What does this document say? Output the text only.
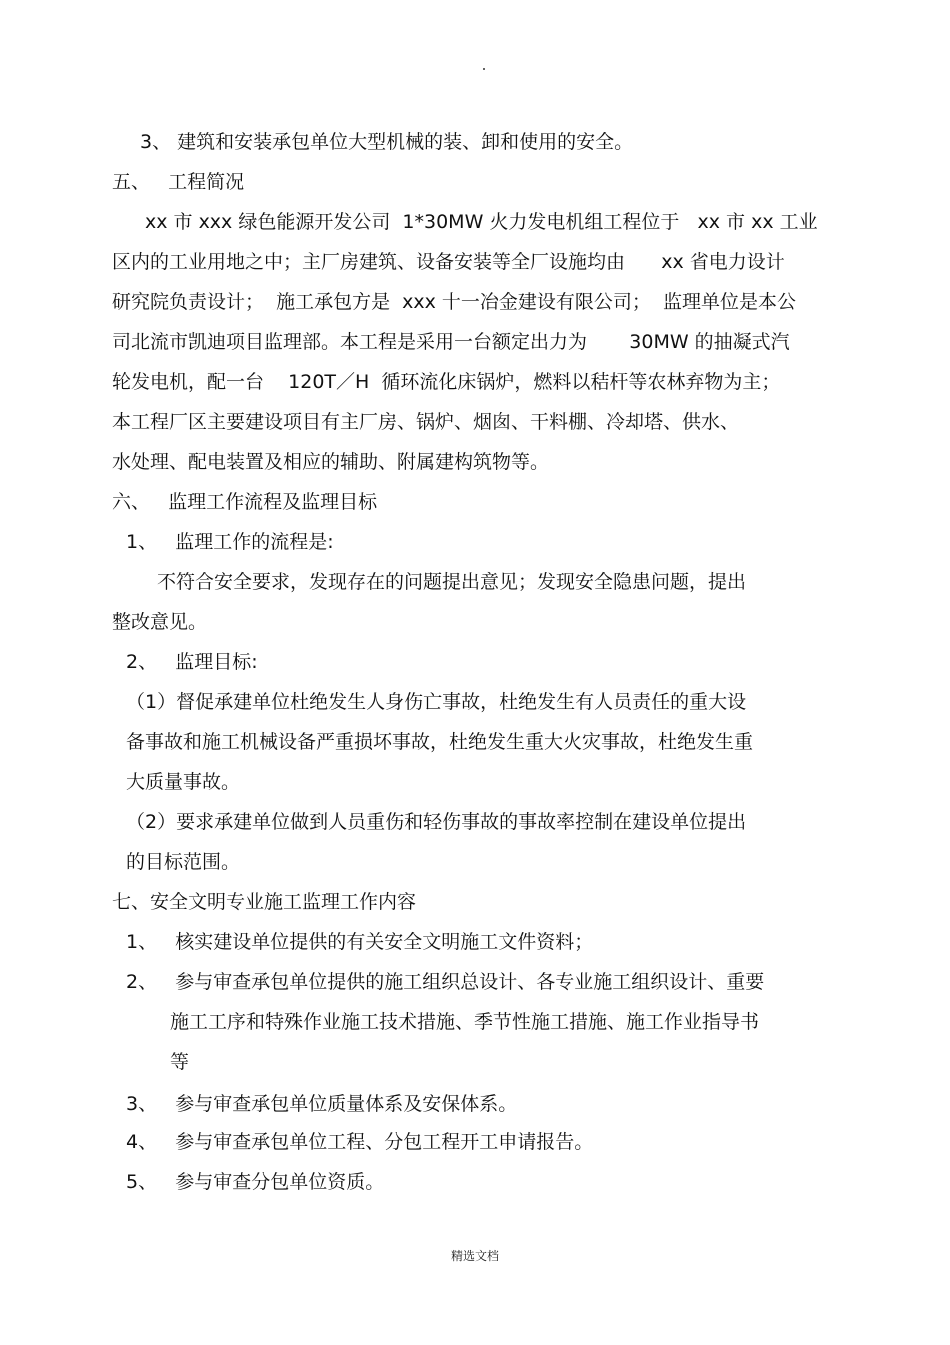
3、 建筑和安装承包单位大型机械的装、卸和使用的安全。
五、   工程简况
xx 市 xxx 绿色能源开发公司  1*30MW 火力发电机组工程位于   xx 市 xx 工业
区内的工业用地之中；主厂房建筑、设备安装等全厂设施均由      xx 省电力设计
研究院负责设计；  施工承包方是  xxx 十一冶金建设有限公司；  监理单位是本公
司北流市凯迪项目监理部。本工程是采用一台额定出力为       30MW 的抽凝式汽
轮发电机，配一台    120T／H  循环流化床锅炉，燃料以秸杆等农林弃物为主；
本工程厂区主要建设项目有主厂房、锅炉、烟囱、干料棚、冷却塔、供水、
水处理、配电装置及相应的辅助、附属建构筑物等。
六、   监理工作流程及监理目标
1、   监理工作的流程是:
不符合安全要求，发现存在的问题提出意见；发现安全隐患问题，提出
整改意见。
2、   监理目标:
（1）督促承建单位杜绝发生人身伤亡事故，杜绝发生有人员责任的重大设
备事故和施工机械设备严重损坏事故，杜绝发生重大火灾事故，杜绝发生重
大质量事故。
（2）要求承建单位做到人员重伤和轻伤事故的事故率控制在建设单位提出
的目标范围。
七、安全文明专业施工监理工作内容
1、   核实建设单位提供的有关安全文明施工文件资料；
2、   参与审查承包单位提供的施工组织总设计、各专业施工组织设计、重要
施工工序和特殊作业施工技术措施、季节性施工措施、施工作业指导书
等
3、   参与审查承包单位质量体系及安保体系。
4、   参与审查承包单位工程、分包工程开工申请报告。
5、   参与审查分包单位资质。
精选文档
